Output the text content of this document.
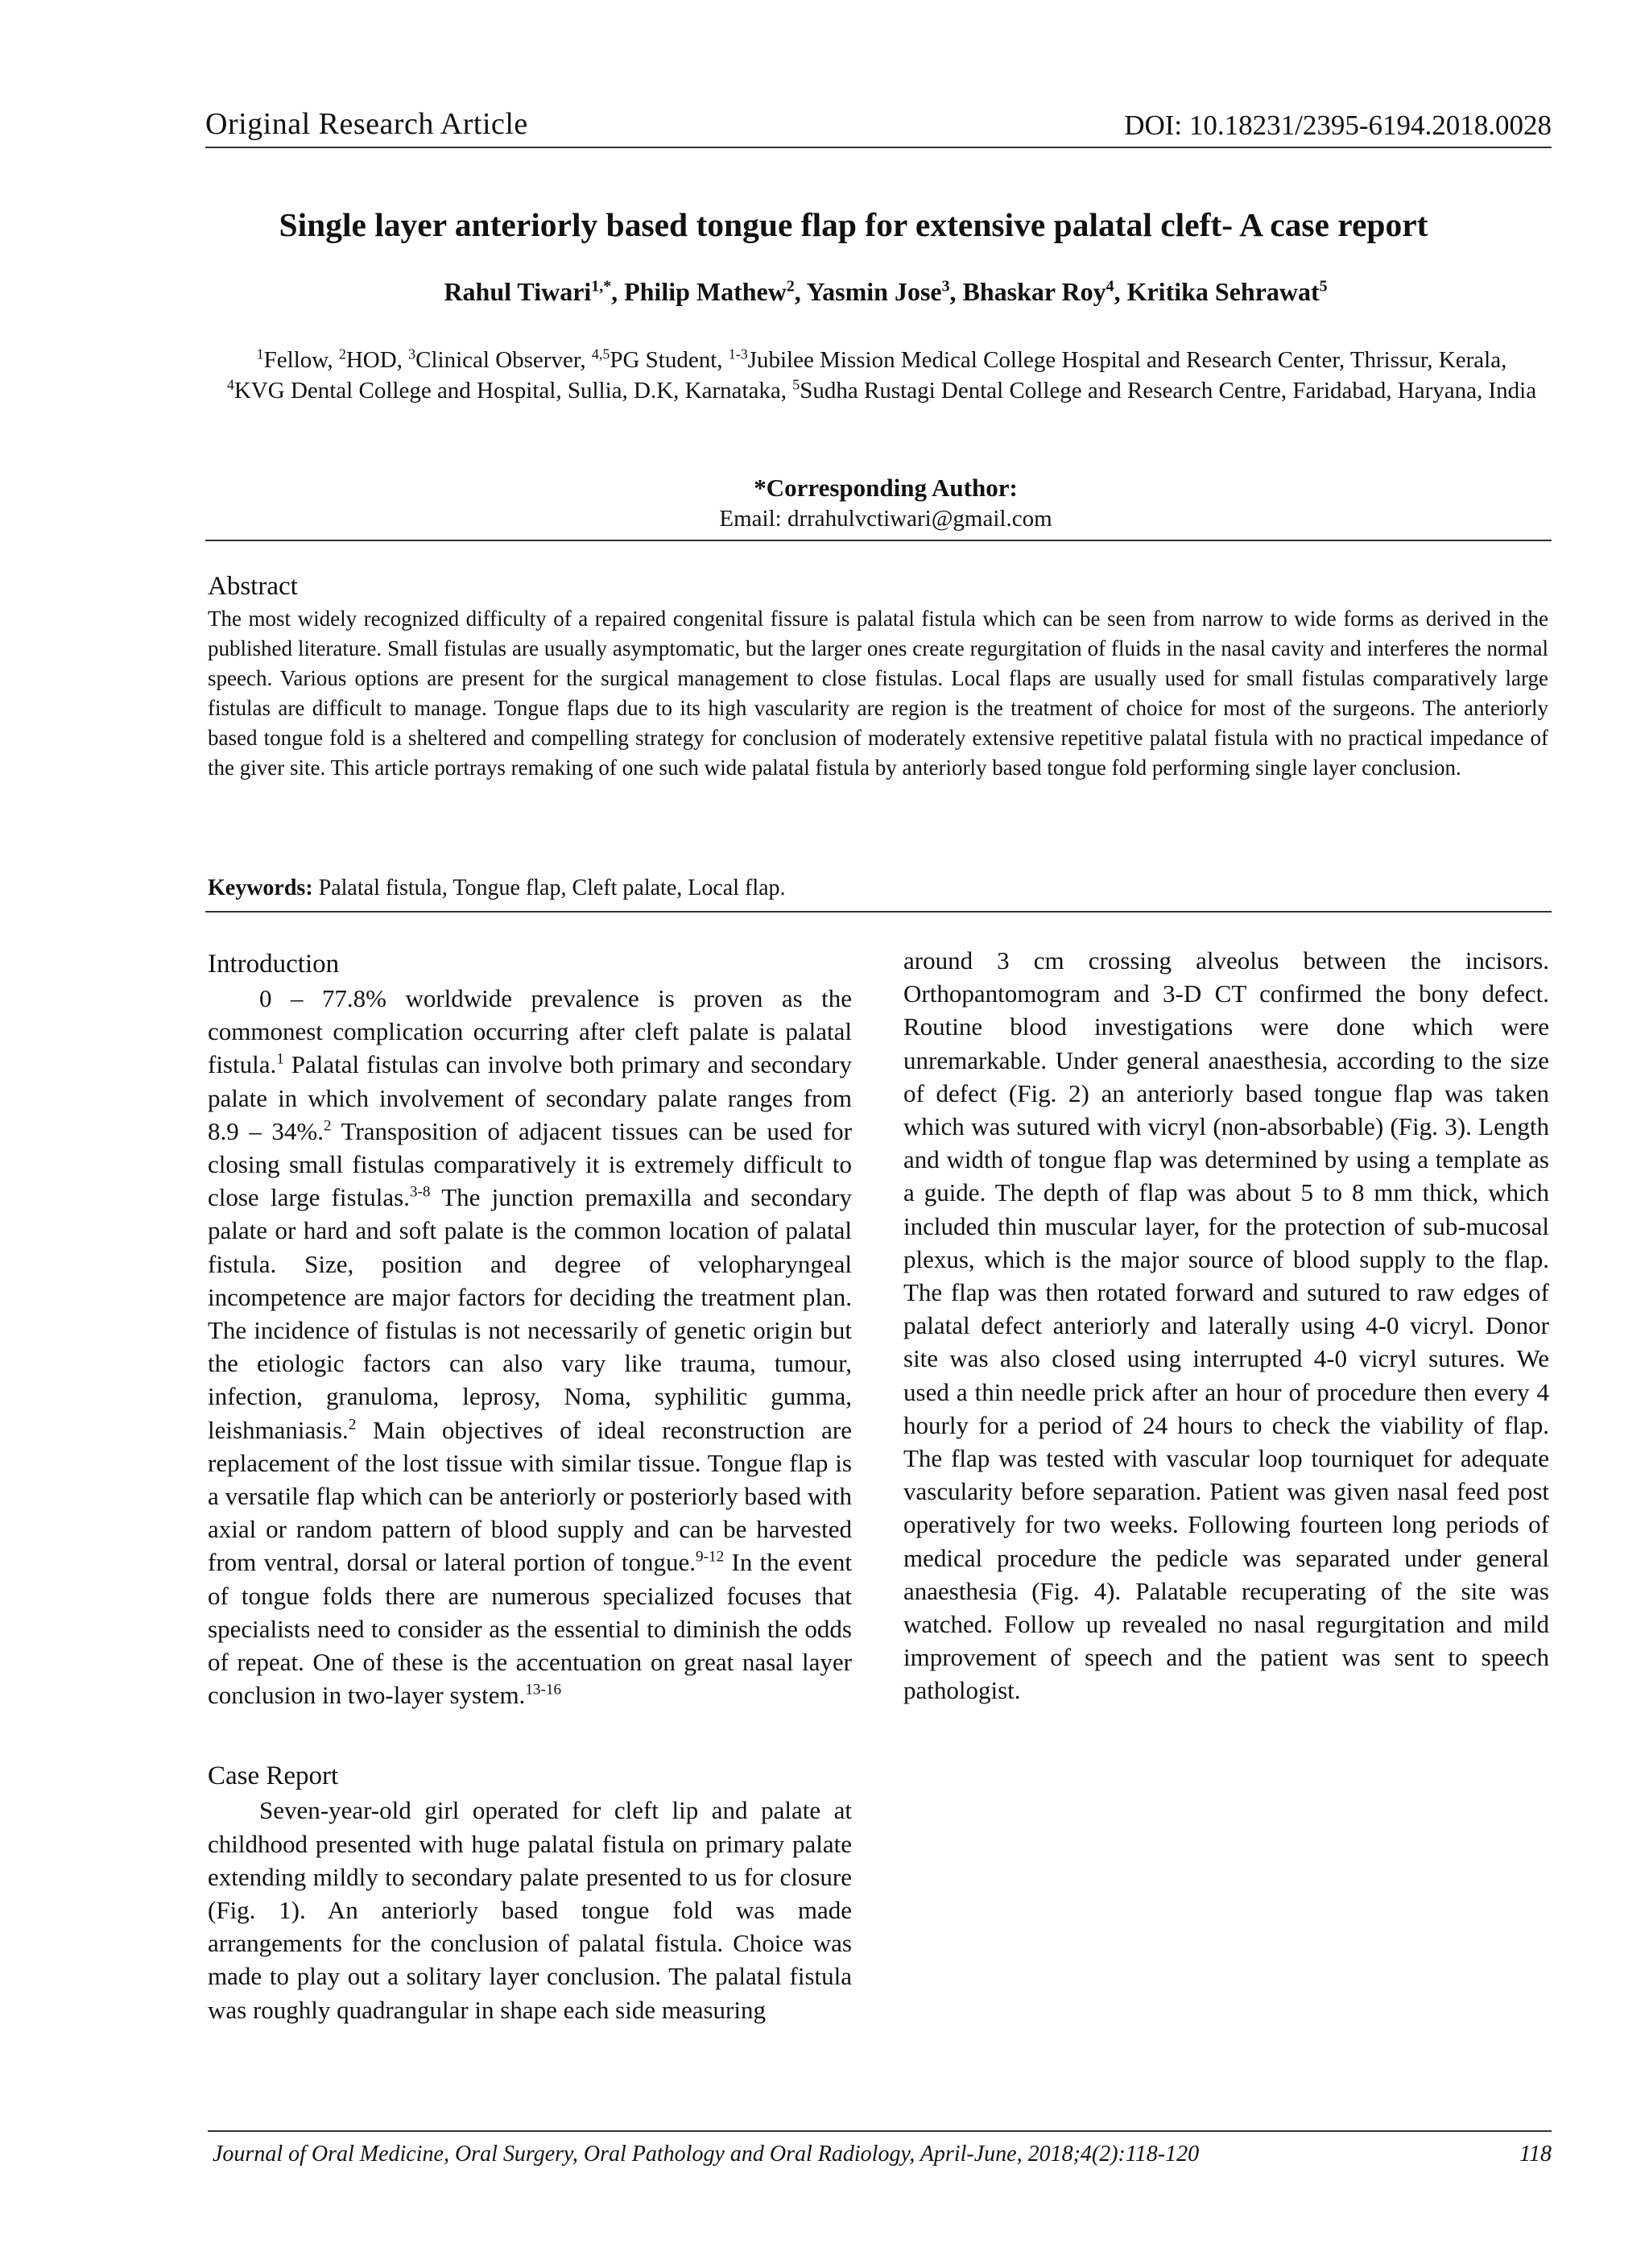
Original Research Article	DOI: 10.18231/2395-6194.2018.0028
Single layer anteriorly based tongue flap for extensive palatal cleft- A case report
Rahul Tiwari$^{1,*}$, Philip Mathew$^2$, Yasmin Jose$^3$, Bhaskar Roy$^4$, Kritika Sehrawat$^5$
$^1$Fellow, $^2$HOD, $^3$Clinical Observer, $^{4,5}$PG Student, $^{1-3}$Jubilee Mission Medical College Hospital and Research Center, Thrissur, Kerala, $^4$KVG Dental College and Hospital, Sullia, D.K, Karnataka, $^5$Sudha Rustagi Dental College and Research Centre, Faridabad, Haryana, India
*Corresponding Author:
Email: drrahulvctiwari@gmail.com
Abstract

The most widely recognized difficulty of a repaired congenital fissure is palatal fistula which can be seen from narrow to wide forms as derived in the published literature. Small fistulas are usually asymptomatic, but the larger ones create regurgitation of fluids in the nasal cavity and interferes the normal speech. Various options are present for the surgical management to close fistulas. Local flaps are usually used for small fistulas comparatively large fistulas are difficult to manage. Tongue flaps due to its high vascularity are region is the treatment of choice for most of the surgeons. The anteriorly based tongue fold is a sheltered and compelling strategy for conclusion of moderately extensive repetitive palatal fistula with no practical impedance of the giver site. This article portrays remaking of one such wide palatal fistula by anteriorly based tongue fold performing single layer conclusion.

Keywords: Palatal fistula, Tongue flap, Cleft palate, Local flap.
Introduction

0 – 77.8% worldwide prevalence is proven as the commonest complication occurring after cleft palate is palatal fistula.$^1$ Palatal fistulas can involve both primary and secondary palate in which involvement of secondary palate ranges from 8.9 – 34%.$^2$ Transposition of adjacent tissues can be used for closing small fistulas comparatively it is extremely difficult to close large fistulas.$^{3-8}$ The junction premaxilla and secondary palate or hard and soft palate is the common location of palatal fistula. Size, position and degree of velopharyngeal incompetence are major factors for deciding the treatment plan. The incidence of fistulas is not necessarily of genetic origin but the etiologic factors can also vary like trauma, tumour, infection, granuloma, leprosy, Noma, syphilitic gumma, leishmaniasis.$^2$ Main objectives of ideal reconstruction are replacement of the lost tissue with similar tissue. Tongue flap is a versatile flap which can be anteriorly or posteriorly based with axial or random pattern of blood supply and can be harvested from ventral, dorsal or lateral portion of tongue.$^{9-12}$ In the event of tongue folds there are numerous specialized focuses that specialists need to consider as the essential to diminish the odds of repeat. One of these is the accentuation on great nasal layer conclusion in two-layer system.$^{13-16}$

Case Report

Seven-year-old girl operated for cleft lip and palate at childhood presented with huge palatal fistula on primary palate extending mildly to secondary palate presented to us for closure (Fig. 1). An anteriorly based tongue fold was made arrangements for the conclusion of palatal fistula. Choice was made to play out a solitary layer conclusion. The palatal fistula was roughly quadrangular in shape each side measuring

around 3 cm crossing alveolus between the incisors. Orthopantomogram and 3-D CT confirmed the bony defect. Routine blood investigations were done which were unremarkable. Under general anaesthesia, according to the size of defect (Fig. 2) an anteriorly based tongue flap was taken which was sutured with vicryl (non-absorbable) (Fig. 3). Length and width of tongue flap was determined by using a template as a guide. The depth of flap was about 5 to 8 mm thick, which included thin muscular layer, for the protection of sub-mucosal plexus, which is the major source of blood supply to the flap. The flap was then rotated forward and sutured to raw edges of palatal defect anteriorly and laterally using 4-0 vicryl. Donor site was also closed using interrupted 4-0 vicryl sutures. We used a thin needle prick after an hour of procedure then every 4 hourly for a period of 24 hours to check the viability of flap. The flap was tested with vascular loop tourniquet for adequate vascularity before separation. Patient was given nasal feed post operatively for two weeks. Following fourteen long periods of medical procedure the pedicle was separated under general anaesthesia (Fig. 4). Palatable recuperating of the site was watched. Follow up revealed no nasal regurgitation and mild improvement of speech and the patient was sent to speech pathologist.

Journal of Oral Medicine, Oral Surgery, Oral Pathology and Oral Radiology, April-June, 2018;4(2):118-120	118
